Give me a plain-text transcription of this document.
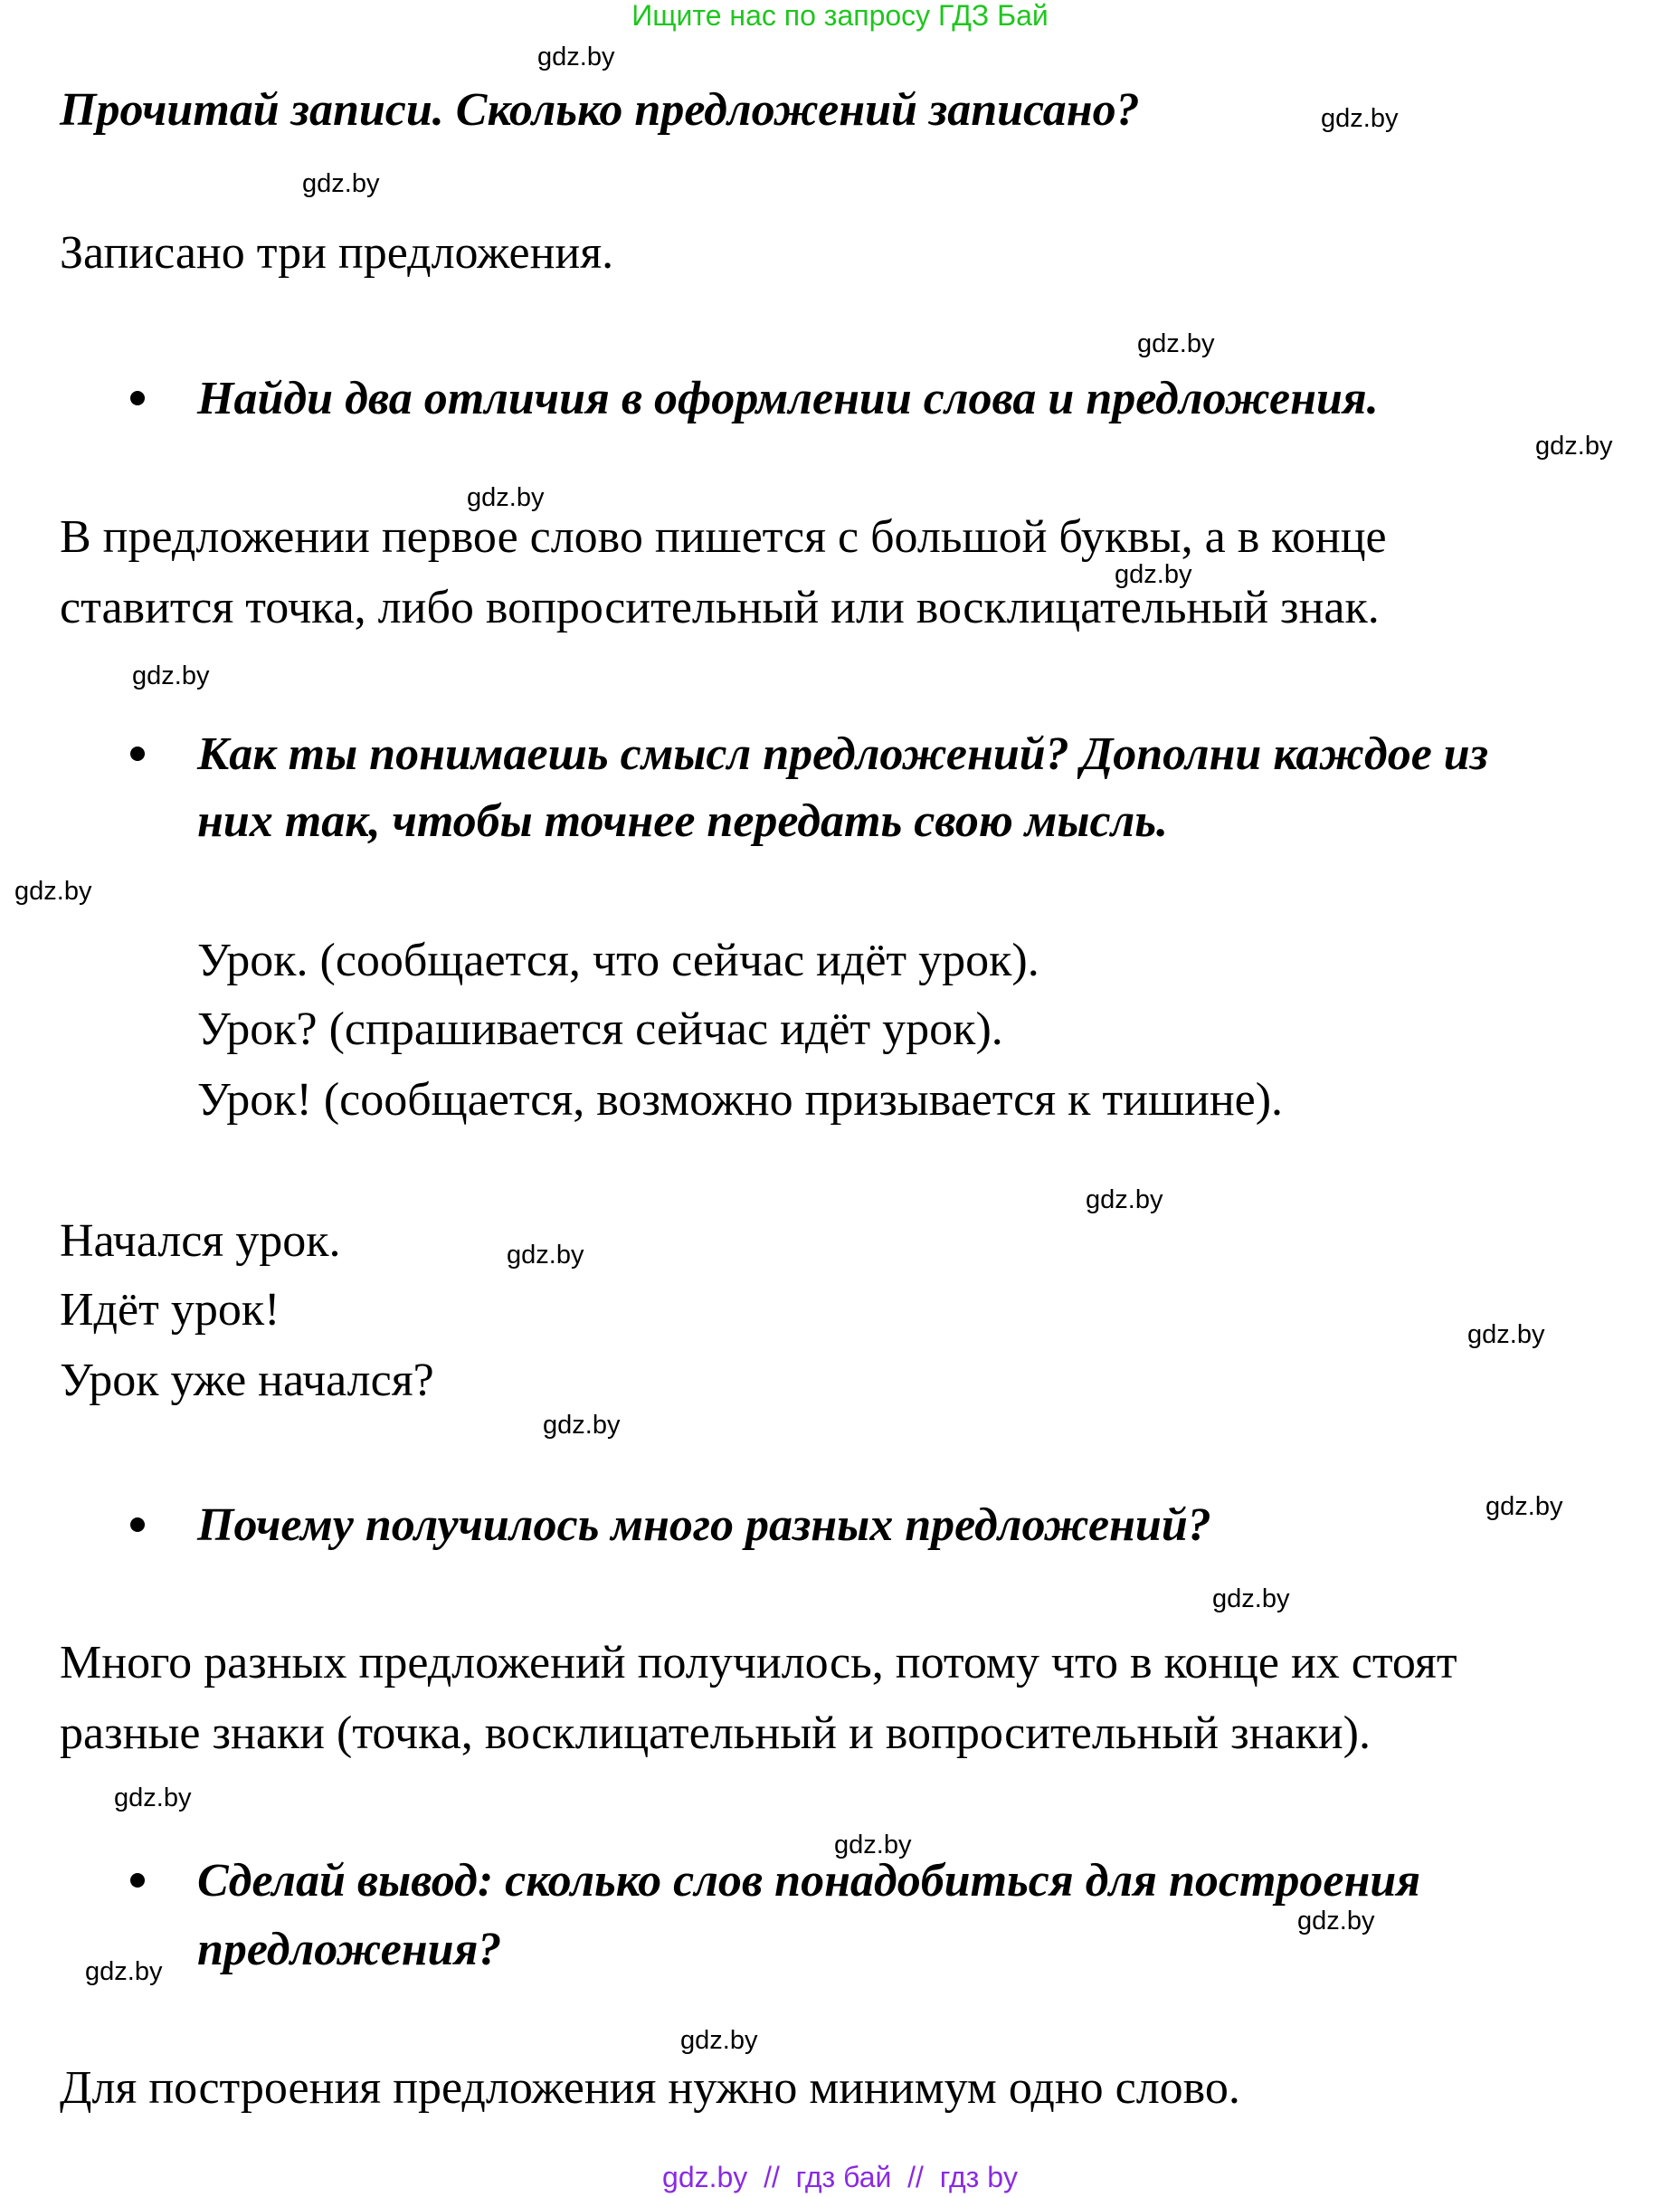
Ищите нас по запросу ГДЗ Бай
Прочитай записи. Сколько предложений записано?
Записано три предложения.
Найди два отличия в оформлении слова и предложения.
В предложении первое слово пишется с большой буквы, а в конце
ставится точка, либо вопросительный или восклицательный знак.
Как ты понимаешь смысл предложений? Дополни каждое из
них так, чтобы точнее передать свою мысль.
Урок. (сообщается, что сейчас идёт урок).
Урок? (спрашивается сейчас идёт урок).
Урок! (сообщается, возможно призывается к тишине).
Начался урок.
Идёт урок!
Урок уже начался?
Почему получилось много разных предложений?
Много разных предложений получилось, потому что в конце их стоят
разные знаки (точка, восклицательный и вопросительный знаки).
Сделай вывод: сколько слов понадобиться для построения
предложения?
Для построения предложения нужно минимум одно слово.
gdz.by
gdz.by
gdz.by
gdz.by
gdz.by
gdz.by
gdz.by
gdz.by
gdz.by
gdz.by
gdz.by
gdz.by
gdz.by
gdz.by
gdz.by
gdz.by
gdz.by
gdz.by
gdz.by
gdz.by
gdz.by  //  гдз бай  //  гдз by
